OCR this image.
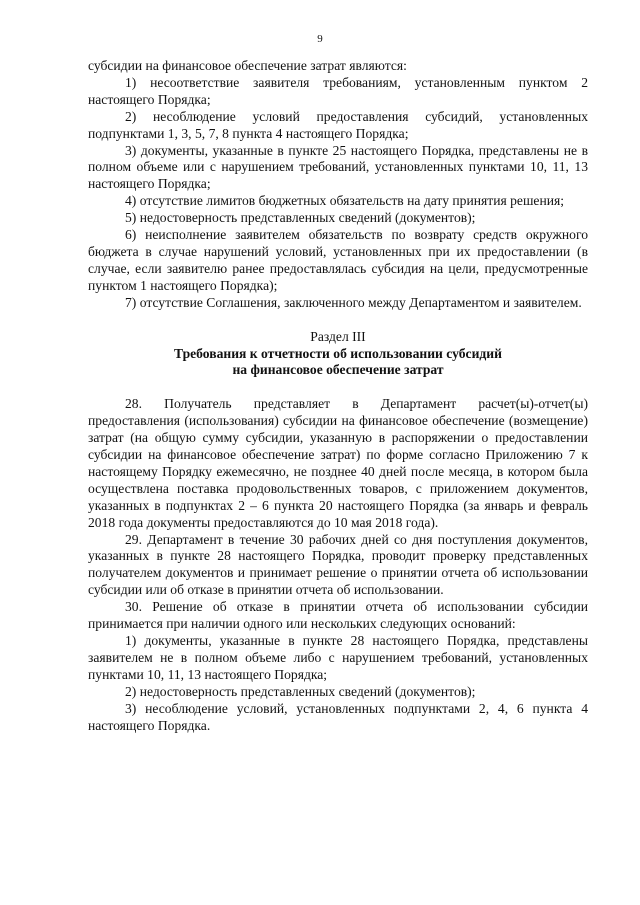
9

субсидии на финансовое обеспечение затрат являются:

1) несоответствие заявителя требованиям, установленным пунктом 2 настоящего Порядка;

2) несоблюдение условий предоставления субсидий, установленных подпунктами 1, 3, 5, 7, 8 пункта 4 настоящего Порядка;

3) документы, указанные в пункте 25 настоящего Порядка, представлены не в полном объеме или с нарушением требований, установленных пунктами 10, 11, 13 настоящего Порядка;

4) отсутствие лимитов бюджетных обязательств на дату принятия решения;

5) недостоверность представленных сведений (документов);

6) неисполнение заявителем обязательств по возврату средств окружного бюджета в случае нарушений условий, установленных при их предоставлении (в случае, если заявителю ранее предоставлялась субсидия на цели, предусмотренные пунктом 1 настоящего Порядка);

7) отсутствие Соглашения, заключенного между Департаментом и заявителем.

Раздел III

Требования к отчетности об использовании субсидий

на финансовое обеспечение затрат

28. Получатель представляет в Департамент расчет(ы)-отчет(ы) предоставления (использования) субсидии на финансовое обеспечение (возмещение) затрат (на общую сумму субсидии, указанную в распоряжении о предоставлении субсидии на финансовое обеспечение затрат) по форме согласно Приложению 7 к настоящему Порядку ежемесячно, не позднее 40 дней после месяца, в котором была осуществлена поставка продовольственных товаров, с приложением документов, указанных в подпунктах 2 – 6 пункта 20 настоящего Порядка (за январь и февраль 2018 года документы предоставляются до 10 мая 2018 года).

29. Департамент в течение 30 рабочих дней со дня поступления документов, указанных в пункте 28 настоящего Порядка, проводит проверку представленных получателем документов и принимает решение о принятии отчета об использовании субсидии или об отказе в принятии отчета об использовании.

30. Решение об отказе в принятии отчета об использовании субсидии принимается при наличии одного или нескольких следующих оснований:

1) документы, указанные в пункте 28 настоящего Порядка, представлены заявителем не в полном объеме либо с нарушением требований, установленных пунктами 10, 11, 13 настоящего Порядка;

2) недостоверность представленных сведений (документов);

3) несоблюдение условий, установленных подпунктами 2, 4, 6 пункта 4 настоящего Порядка.
